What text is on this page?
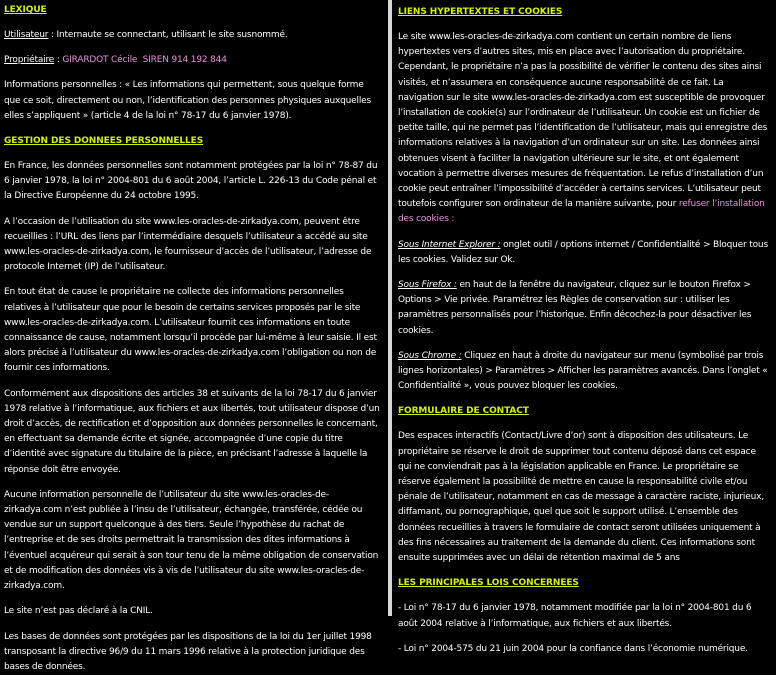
LEXIQUE
Utilisateur : Internaute se connectant, utilisant le site susnommé.
Propriétaire : GIRARDOT Cécile  SIREN 914 192 844
Informations personnelles : « Les informations qui permettent, sous quelque forme que ce soit, directement ou non, l’identification des personnes physiques auxquelles elles s’appliquent » (article 4 de la loi n° 78-17 du 6 janvier 1978).
GESTION DES DONNEES PERSONNELLES
En France, les données personnelles sont notamment protégées par la loi n° 78-87 du 6 janvier 1978, la loi n° 2004-801 du 6 août 2004, l’article L. 226-13 du Code pénal et la Directive Européenne du 24 octobre 1995.
A l’occasion de l’utilisation du site www.les-oracles-de-zirkadya.com, peuvent être recueillies : l’URL des liens par l’intermédiaire desquels l’utilisateur a accédé au site www.les-oracles-de-zirkadya.com, le fournisseur d’accès de l’utilisateur, l’adresse de protocole Internet (IP) de l’utilisateur.
En tout état de cause le propriétaire ne collecte des informations personnelles relatives à l’utilisateur que pour le besoin de certains services proposés par le site www.les-oracles-de-zirkadya.com. L’utilisateur fournit ces informations en toute connaissance de cause, notamment lorsqu’il procède par lui-même à leur saisie. Il est alors précisé à l’utilisateur du www.les-oracles-de-zirkadya.com l’obligation ou non de fournir ces informations.
Conformément aux dispositions des articles 38 et suivants de la loi 78-17 du 6 janvier 1978 relative à l’informatique, aux fichiers et aux libertés, tout utilisateur dispose d’un droit d’accès, de rectification et d’opposition aux données personnelles le concernant, en effectuant sa demande écrite et signée, accompagnée d’une copie du titre d’identité avec signature du titulaire de la pièce, en précisant l’adresse à laquelle la réponse doit être envoyée.
Aucune information personnelle de l’utilisateur du site www.les-oracles-de-zirkadya.com n’est publiée à l’insu de l’utilisateur, échangée, transférée, cédée ou vendue sur un support quelconque à des tiers. Seule l’hypothèse du rachat de l’entreprise et de ses droits permettrait la transmission des dites informations à l’éventuel acquéreur qui serait à son tour tenu de la même obligation de conservation et de modification des données vis à vis de l’utilisateur du site www.les-oracles-de-zirkadya.com.
Le site n’est pas déclaré à la CNIL.
Les bases de données sont protégées par les dispositions de la loi du 1er juillet 1998 transposant la directive 96/9 du 11 mars 1996 relative à la protection juridique des bases de données.
LIENS HYPERTEXTES ET COOKIES
Le site www.les-oracles-de-zirkadya.com contient un certain nombre de liens hypertextes vers d’autres sites, mis en place avec l’autorisation du propriétaire. Cependant, le propriétaire n’a pas la possibilité de vérifier le contenu des sites ainsi visités, et n’assumera en conséquence aucune responsabilité de ce fait. La navigation sur le site www.les-oracles-de-zirkadya.com est susceptible de provoquer l’installation de cookie(s) sur l’ordinateur de l’utilisateur. Un cookie est un fichier de petite taille, qui ne permet pas l’identification de l’utilisateur, mais qui enregistre des informations relatives à la navigation d’un ordinateur sur un site. Les données ainsi obtenues visent à faciliter la navigation ultérieure sur le site, et ont également vocation à permettre diverses mesures de fréquentation. Le refus d’installation d’un cookie peut entraîner l’impossibilité d’accéder à certains services. L’utilisateur peut toutefois configurer son ordinateur de la manière suivante, pour refuser l’installation des cookies :
Sous Internet Explorer : onglet outil / options internet / Confidentialité > Bloquer tous les cookies. Validez sur Ok.
Sous Firefox : en haut de la fenêtre du navigateur, cliquez sur le bouton Firefox > Options > Vie privée. Paramétrez les Règles de conservation sur : utiliser les paramètres personnalisés pour l’historique. Enfin décochez-la pour désactiver les cookies.
Sous Chrome : Cliquez en haut à droite du navigateur sur menu (symbolisé par trois lignes horizontales) > Paramètres > Afficher les paramètres avancés. Dans l’onglet « Confidentialité », vous pouvez bloquer les cookies.
FORMULAIRE DE CONTACT
Des espaces interactifs (Contact/Livre d’or) sont à disposition des utilisateurs. Le propriétaire se réserve le droit de supprimer tout contenu déposé dans cet espace qui ne conviendrait pas à la législation applicable en France. Le propriétaire se réserve également la possibilité de mettre en cause la responsabilité civile et/ou pénale de l’utilisateur, notamment en cas de message à caractère raciste, injurieux, diffamant, ou pornographique, quel que soit le support utilisé. L’ensemble des données recueillies à travers le formulaire de contact seront utilisées uniquement à des fins nécessaires au traitement de la demande du client. Ces informations sont ensuite supprimées avec un délai de rétention maximal de 5 ans
LES PRINCIPALES LOIS CONCERNEES
- Loi n° 78-17 du 6 janvier 1978, notamment modifiée par la loi n° 2004-801 du 6 août 2004 relative à l’informatique, aux fichiers et aux libertés.
- Loi n° 2004-575 du 21 juin 2004 pour la confiance dans l’économie numérique.
